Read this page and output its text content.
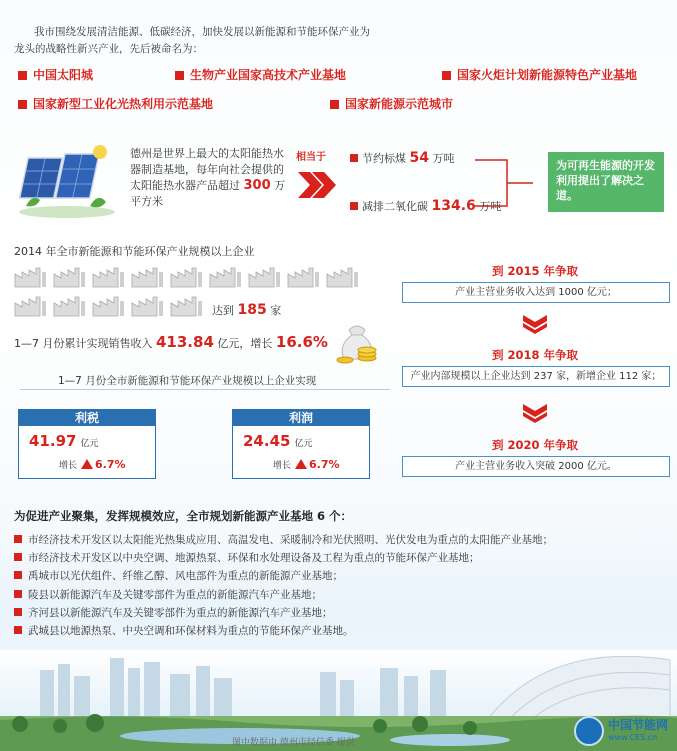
我市围绕发展清洁能源、低碳经济，加快发展以新能源和节能环保产业为
龙头的战略性新兴产业，先后被命名为：
中国太阳城	生物产业国家高技术产业基地	国家火炬计划新能源特色产业基地
国家新型工业化光热利用示范基地	国家新能源示范城市
德州是世界上最大的太阳能热水器制造基地，每年向社会提供的太阳能热水器产品超过 300 万平方米
相当于	节约标煤 54 万吨
减排二氧化碳 134.6 万吨
为可再生能源的开发利用提出了解决之道。
2014 年全市新能源和节能环保产业规模以上企业
达到 185 家
1—7 月份累计实现销售收入 413.84 亿元，增长 16.6%
1—7 月份全市新能源和节能环保产业规模以上企业实现
利税
41.97 亿元
增长 6.7%
利润
24.45 亿元
增长 6.7%
到 2015 年争取
产业主营业务收入达到 1000 亿元；
到 2018 年争取
产业内部规模以上企业达到 237 家，新增企业 112 家；
到 2020 年争取
产业主营业务收入突破 2000 亿元。
为促进产业聚集，发挥规模效应，全市规划新能源产业基地 6 个：
市经济技术开发区以太阳能光热集成应用、高温发电、采暖制冷和光伏照明、光伏发电为重点的太阳能产业基地；
市经济技术开发区以中央空调、地源热泵、环保和水处理设备及工程为重点的节能环保产业基地；
禹城市以光伏组件、纤维乙醇、风电部件为重点的新能源产业基地；
陵县以新能源汽车及关键零部件为重点的新能源汽车产业基地；
齐河县以新能源汽车及关键零部件为重点的新能源汽车产业基地；
武城县以地源热泵、中央空调和环保材料为重点的节能环保产业基地。
图中数据由 德州市经信委 提供
中国节能网
www.CES.cn
